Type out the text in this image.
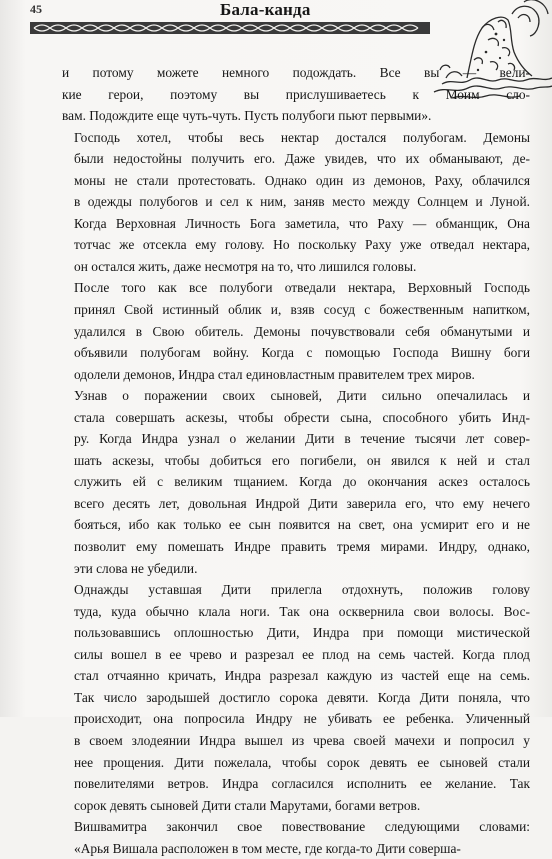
45	Бала-канда

и потому можете немного подождать. Все вы — вели-
кие герои, поэтому вы прислушиваетесь к Моим сло-
вам. Подождите еще чуть-чуть. Пусть полубоги пьют первыми».

Господь хотел, чтобы весь нектар достался полубогам. Демоны
были недостойны получить его. Даже увидев, что их обманывают, де-
моны не стали протестовать. Однако один из демонов, Раху, облачился
в одежды полубогов и сел к ним, заняв место между Солнцем и Луной.
Когда Верховная Личность Бога заметила, что Раху — обманщик, Она
тотчас же отсекла ему голову. Но поскольку Раху уже отведал нектара,
он остался жить, даже несмотря на то, что лишился головы.

После того как все полубоги отведали нектара, Верховный Господь
принял Свой истинный облик и, взяв сосуд с божественным напитком,
удалился в Свою обитель. Демоны почувствовали себя обманутыми и
объявили полубогам войну. Когда с помощью Господа Вишну боги
одолели демонов, Индра стал единовластным правителем трех миров.

Узнав о поражении своих сыновей, Дити сильно опечалилась и
стала совершать аскезы, чтобы обрести сына, способного убить Инд-
ру. Когда Индра узнал о желании Дити в течение тысячи лет совер-
шать аскезы, чтобы добиться его погибели, он явился к ней и стал
служить ей с великим тщанием. Когда до окончания аскез осталось
всего десять лет, довольная Индрой Дити заверила его, что ему нечего
бояться, ибо как только ее сын появится на свет, она усмирит его и не
позволит ему помешать Индре править тремя мирами. Индру, однако,
эти слова не убедили.

Однажды уставшая Дити прилегла отдохнуть, положив голову
туда, куда обычно клала ноги. Так она осквернила свои волосы. Вос-
пользовавшись оплошностью Дити, Индра при помощи мистической
силы вошел в ее чрево и разрезал ее плод на семь частей. Когда плод
стал отчаянно кричать, Индра разрезал каждую из частей еще на семь.
Так число зародышей достигло сорока девяти. Когда Дити поняла, что
происходит, она попросила Индру не убивать ее ребенка. Уличенный
в своем злодеянии Индра вышел из чрева своей мачехи и попросил у
нее прощения. Дити пожелала, чтобы сорок девять ее сыновей стали
повелителями ветров. Индра согласился исполнить ее желание. Так
сорок девять сыновей Дити стали Марутами, богами ветров.

Вишвамитра закончил свое повествование следующими словами:
«Арья Вишала расположен в том месте, где когда-то Дити соверша-
